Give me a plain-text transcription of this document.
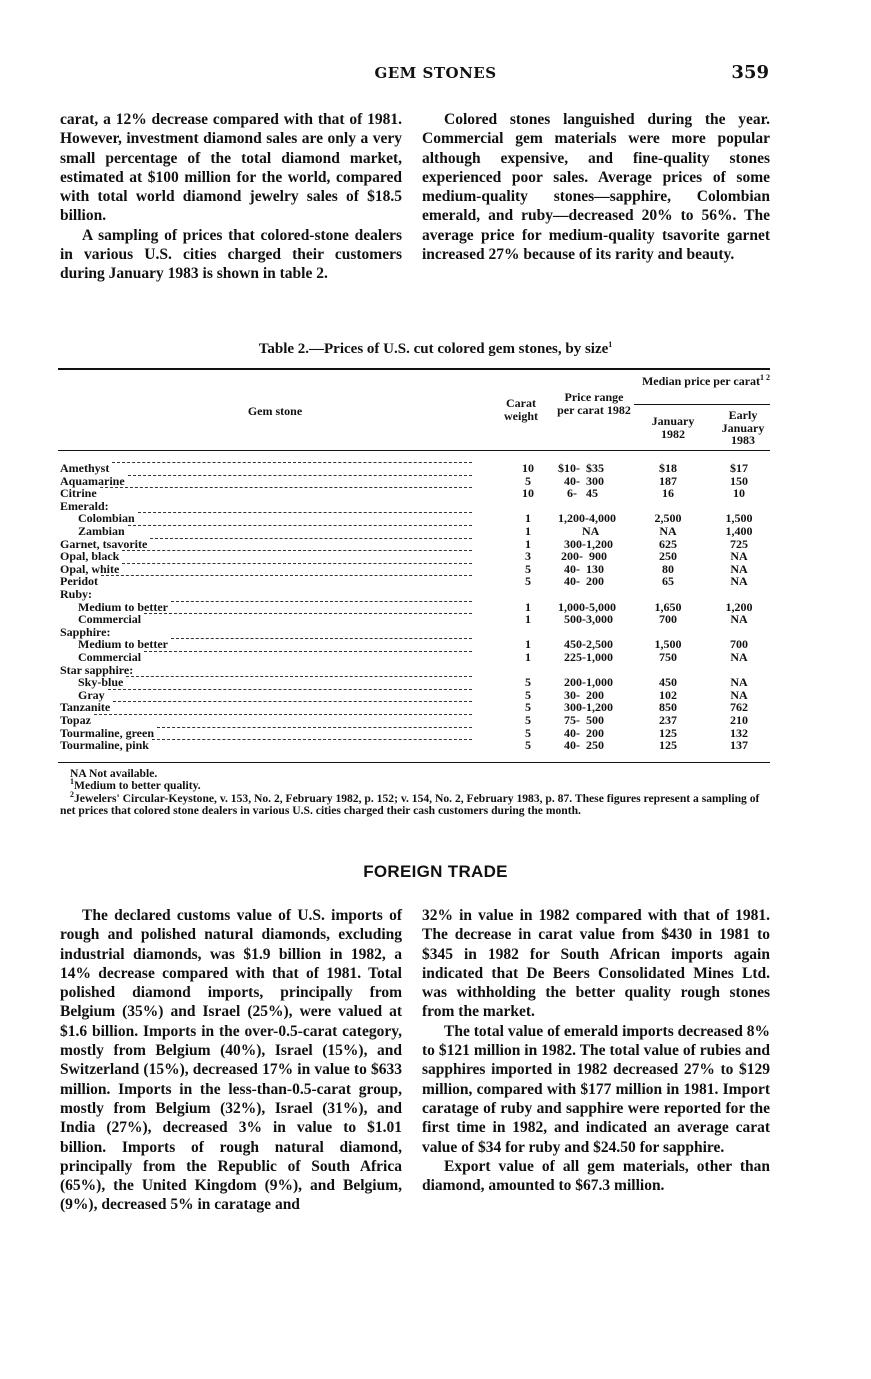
GEM STONES	359

carat, a 12% decrease compared with that of 1981. However, investment diamond sales are only a very small percentage of the total diamond market, estimated at $100 million for the world, compared with total world diamond jewelry sales of $18.5 billion.

A sampling of prices that colored-stone dealers in various U.S. cities charged their customers during January 1983 is shown in table 2.

Colored stones languished during the year. Commercial gem materials were more popular although expensive, and fine-quality stones experienced poor sales. Average prices of some medium-quality stones—sapphire, Colombian emerald, and ruby—decreased 20% to 56%. The average price for medium-quality tsavorite garnet increased 27% because of its rarity and beauty.

Table 2.—Prices of U.S. cut colored gem stones, by size$^1$
Gem stone
Carat weight
Price range per carat 1982
Median price per carat$^{1 2}$
January 1982
Early January 1983
Amethyst	10	$10-  $35	$18	$17
Aquamarine	5	40-  300	187	150
Citrine	10	6-   45	16	10
Emerald:
Colombian	1	1,200-4,000	2,500	1,500
Zambian	1	NA	NA	1,400
Garnet, tsavorite	1	300-1,200	625	725
Opal, black	3	200-  900	250	NA
Opal, white	5	40-  130	80	NA
Peridot	5	40-  200	65	NA
Ruby:
Medium to better	1	1,000-5,000	1,650	1,200
Commercial	1	500-3,000	700	NA
Sapphire:
Medium to better	1	450-2,500	1,500	700
Commercial	1	225-1,000	750	NA
Star sapphire:
Sky-blue	5	200-1,000	450	NA
Gray	5	30-  200	102	NA
Tanzanite	5	300-1,200	850	762
Topaz	5	75-  500	237	210
Tourmaline, green	5	40-  200	125	132
Tourmaline, pink	5	40-  250	125	137
NA Not available.
$^1$Medium to better quality.
$^2$Jewelers' Circular-Keystone, v. 153, No. 2, February 1982, p. 152; v. 154, No. 2, February 1983, p. 87. These figures represent a sampling of net prices that colored stone dealers in various U.S. cities charged their cash customers during the month.
FOREIGN TRADE

The declared customs value of U.S. imports of rough and polished natural diamonds, excluding industrial diamonds, was $1.9 billion in 1982, a 14% decrease compared with that of 1981. Total polished diamond imports, principally from Belgium (35%) and Israel (25%), were valued at $1.6 billion. Imports in the over-0.5-carat category, mostly from Belgium (40%), Israel (15%), and Switzerland (15%), decreased 17% in value to $633 million. Imports in the less-than-0.5-carat group, mostly from Belgium (32%), Israel (31%), and India (27%), decreased 3% in value to $1.01 billion. Imports of rough natural diamond, principally from the Republic of South Africa (65%), the United Kingdom (9%), and Belgium, (9%), decreased 5% in caratage and

32% in value in 1982 compared with that of 1981. The decrease in carat value from $430 in 1981 to $345 in 1982 for South African imports again indicated that De Beers Consolidated Mines Ltd. was withholding the better quality rough stones from the market.

The total value of emerald imports decreased 8% to $121 million in 1982. The total value of rubies and sapphires imported in 1982 decreased 27% to $129 million, compared with $177 million in 1981. Import caratage of ruby and sapphire were reported for the first time in 1982, and indicated an average carat value of $34 for ruby and $24.50 for sapphire.

Export value of all gem materials, other than diamond, amounted to $67.3 million.
